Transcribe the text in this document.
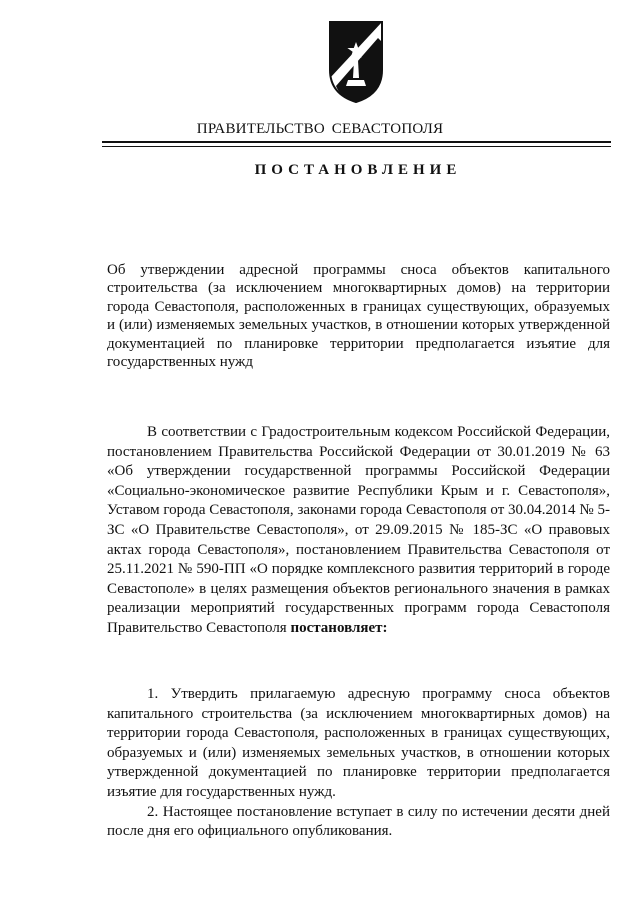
ПРАВИТЕЛЬСТВО СЕВАСТОПОЛЯ
ПОСТАНОВЛЕНИЕ
Об утверждении адресной программы сноса объектов капитального строительства (за исключением многоквартирных домов) на территории города Севастополя, расположенных в границах существующих, образуемых и (или) изменяемых земельных участков, в отношении которых утвержденной документацией по планировке территории предполагается изъятие для государственных нужд
В соответствии с Градостроительным кодексом Российской Федерации, постановлением Правительства Российской Федерации от 30.01.2019 № 63 «Об утверждении государственной программы Российской Федерации «Социально-экономическое развитие Республики Крым и г. Севастополя», Уставом города Севастополя, законами города Севастополя от 30.04.2014 № 5-ЗС «О Правительстве Севастополя», от 29.09.2015 № 185-ЗС «О правовых актах города Севастополя», постановлением Правительства Севастополя от 25.11.2021 № 590-ПП «О порядке комплексного развития территорий в городе Севастополе» в целях размещения объектов регионального значения в рамках реализации мероприятий государственных программ города Севастополя Правительство Севастополя постановляет:

1. Утвердить прилагаемую адресную программу сноса объектов капитального строительства (за исключением многоквартирных домов) на территории города Севастополя, расположенных в границах существующих, образуемых и (или) изменяемых земельных участков, в отношении которых утвержденной документацией по планировке территории предполагается изъятие для государственных нужд.

2. Настоящее постановление вступает в силу по истечении десяти дней после дня его официального опубликования.
